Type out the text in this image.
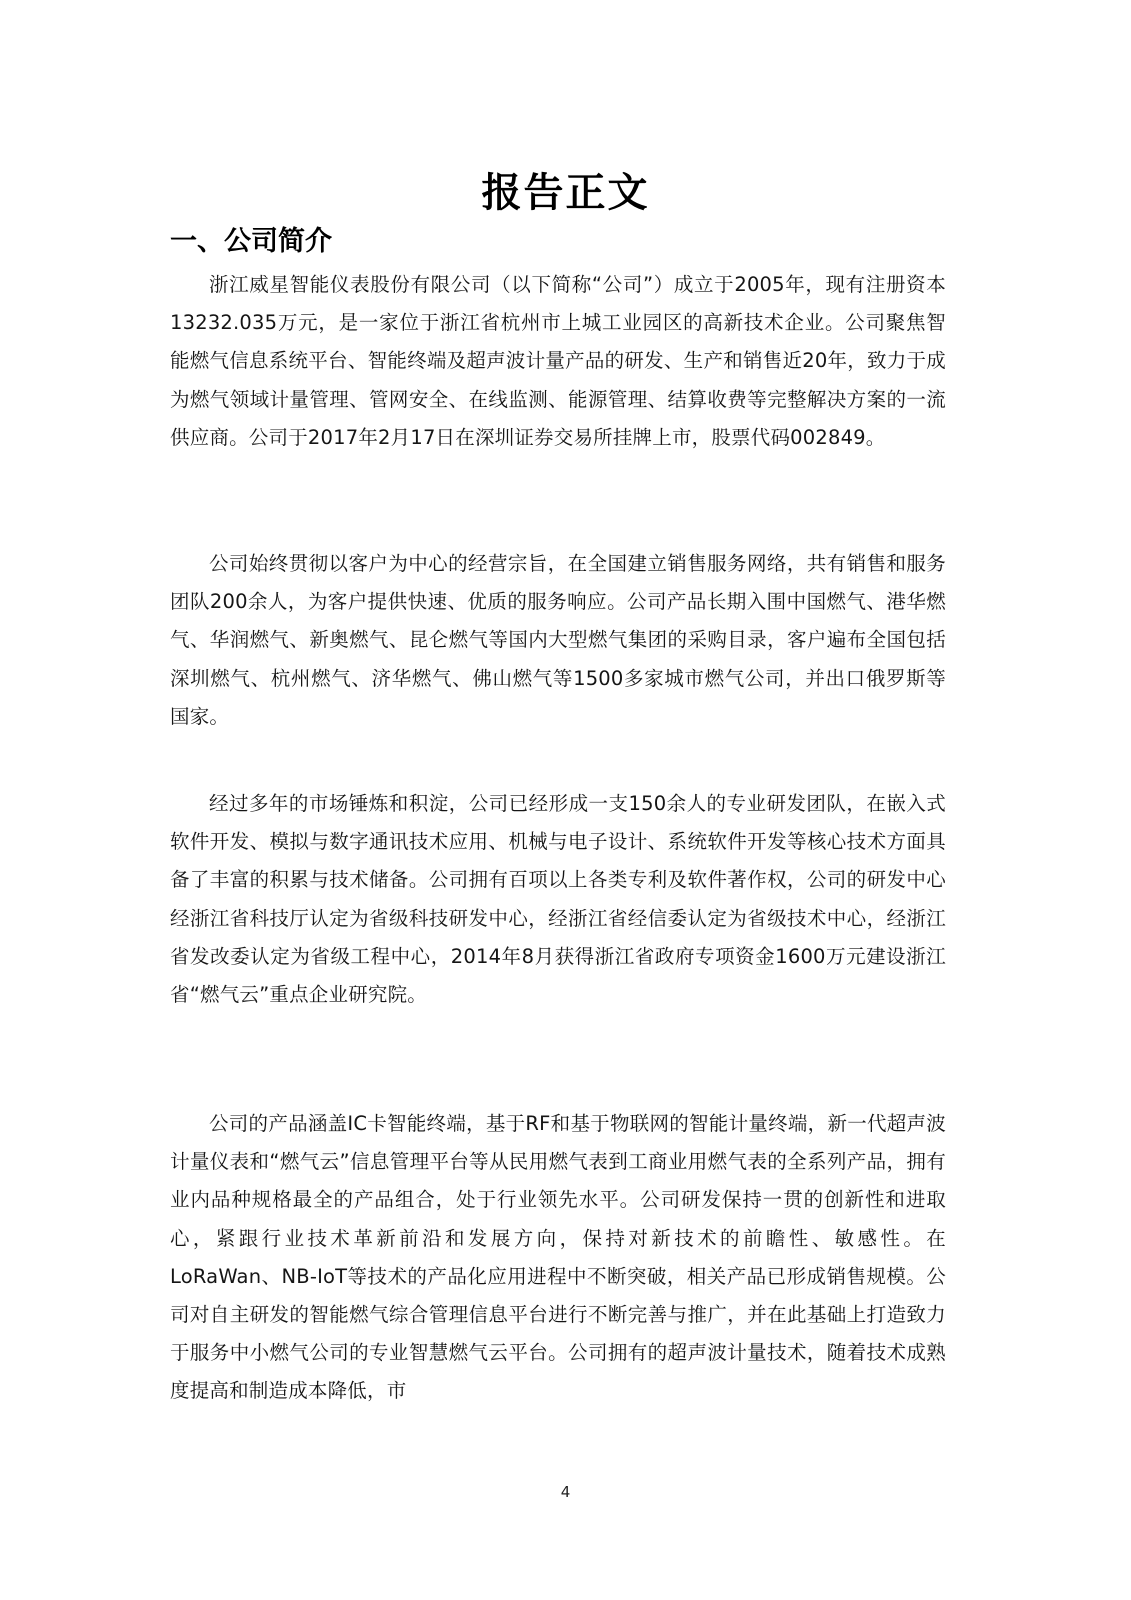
报告正文
一、公司简介

浙江威星智能仪表股份有限公司（以下简称“公司”）成立于2005年，现有注册资本13232.035万元，是一家位于浙江省杭州市上城工业园区的高新技术企业。公司聚焦智能燃气信息系统平台、智能终端及超声波计量产品的研发、生产和销售近20年，致力于成为燃气领域计量管理、管网安全、在线监测、能源管理、结算收费等完整解决方案的一流供应商。公司于2017年2月17日在深圳证券交易所挂牌上市，股票代码002849。

公司始终贯彻以客户为中心的经营宗旨，在全国建立销售服务网络，共有销售和服务团队200余人，为客户提供快速、优质的服务响应。公司产品长期入围中国燃气、港华燃气、华润燃气、新奥燃气、昆仑燃气等国内大型燃气集团的采购目录，客户遍布全国包括深圳燃气、杭州燃气、济华燃气、佛山燃气等1500多家城市燃气公司，并出口俄罗斯等国家。

经过多年的市场锤炼和积淀，公司已经形成一支150余人的专业研发团队，在嵌入式软件开发、模拟与数字通讯技术应用、机械与电子设计、系统软件开发等核心技术方面具备了丰富的积累与技术储备。公司拥有百项以上各类专利及软件著作权，公司的研发中心经浙江省科技厅认定为省级科技研发中心，经浙江省经信委认定为省级技术中心，经浙江省发改委认定为省级工程中心，2014年8月获得浙江省政府专项资金1600万元建设浙江省“燃气云”重点企业研究院。

公司的产品涵盖IC卡智能终端，基于RF和基于物联网的智能计量终端，新一代超声波计量仪表和“燃气云”信息管理平台等从民用燃气表到工商业用燃气表的全系列产品，拥有业内品种规格最全的产品组合，处于行业领先水平。公司研发保持一贯的创新性和进取心，紧跟行业技术革新前沿和发展方向，保持对新技术的前瞻性、敏感性。在LoRaWan、NB-IoT等技术的产品化应用进程中不断突破，相关产品已形成销售规模。公司对自主研发的智能燃气综合管理信息平台进行不断完善与推广，并在此基础上打造致力于服务中小燃气公司的专业智慧燃气云平台。公司拥有的超声波计量技术，随着技术成熟度提高和制造成本降低，市

4
